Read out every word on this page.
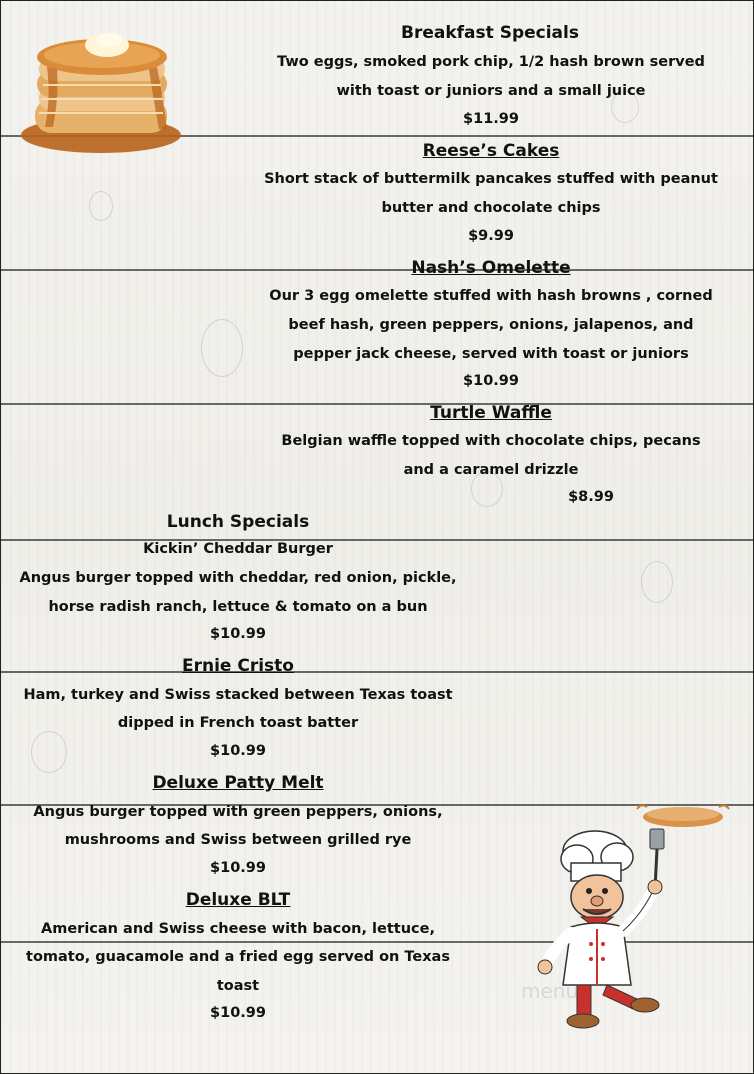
Breakfast Specials
Two eggs, smoked pork chip, 1/2 hash brown served
with toast or juniors and a small juice
$11.99
Reese’s Cakes
Short stack of buttermilk pancakes stuffed with peanut
butter and chocolate chips
$9.99
Nash’s Omelette
Our 3 egg omelette stuffed with hash browns , corned
beef hash, green peppers, onions, jalapenos, and
pepper jack cheese, served with toast or juniors
$10.99
Turtle Waffle
Belgian waffle topped with chocolate chips, pecans
and a caramel drizzle
$8.99
Lunch Specials
Kickin’ Cheddar Burger
Angus burger topped with cheddar, red onion, pickle,
horse radish ranch, lettuce & tomato on a bun
$10.99
Ernie Cristo
Ham, turkey and Swiss stacked between Texas toast
dipped in French toast batter
$10.99
Deluxe Patty Melt
Angus burger topped with green peppers, onions,
mushrooms and Swiss between grilled rye
$10.99
Deluxe BLT
American and Swiss cheese with bacon, lettuce,
tomato, guacamole and a fried egg served on Texas
toast
$10.99
menu
